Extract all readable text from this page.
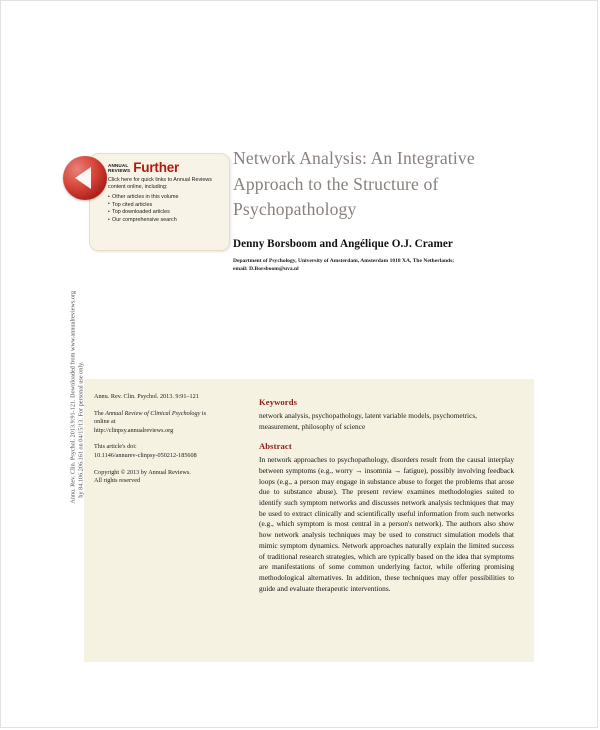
Annu. Rev. Clin. Psychol. 2013.9:91-121. Downloaded from www.annualreviews.org by 84.106.206.161 on 04/15/13. For personal use only.
ANNUAL
REVIEWS Further
Click here for quick links to Annual Reviews content online, including:
• Other articles in this volume
• Top cited articles
• Top downloaded articles
• Our comprehensive search
Network Analysis: An Integrative Approach to the Structure of Psychopathology
Denny Borsboom and Angélique O.J. Cramer
Department of Psychology, University of Amsterdam, Amsterdam 1018 XA, The Netherlands;
email: D.Borsboom@uva.nl
Annu. Rev. Clin. Psychol. 2013. 9:91–121
The Annual Review of Clinical Psychology is online at
http://clinpsy.annualreviews.org
This article's doi:
10.1146/annurev-clinpsy-050212-185608
Copyright © 2013 by Annual Reviews.
All rights reserved
Keywords

network analysis, psychopathology, latent variable models, psychometrics, measurement, philosophy of science

Abstract

In network approaches to psychopathology, disorders result from the causal interplay between symptoms (e.g., worry → insomnia → fatigue), possibly involving feedback loops (e.g., a person may engage in substance abuse to forget the problems that arose due to substance abuse). The present review examines methodologies suited to identify such symptom networks and discusses network analysis techniques that may be used to extract clinically and scientifically useful information from such networks (e.g., which symptom is most central in a person's network). The authors also show how network analysis techniques may be used to construct simulation models that mimic symptom dynamics. Network approaches naturally explain the limited success of traditional research strategies, which are typically based on the idea that symptoms are manifestations of some common underlying factor, while offering promising methodological alternatives. In addition, these techniques may offer possibilities to guide and evaluate therapeutic interventions.
